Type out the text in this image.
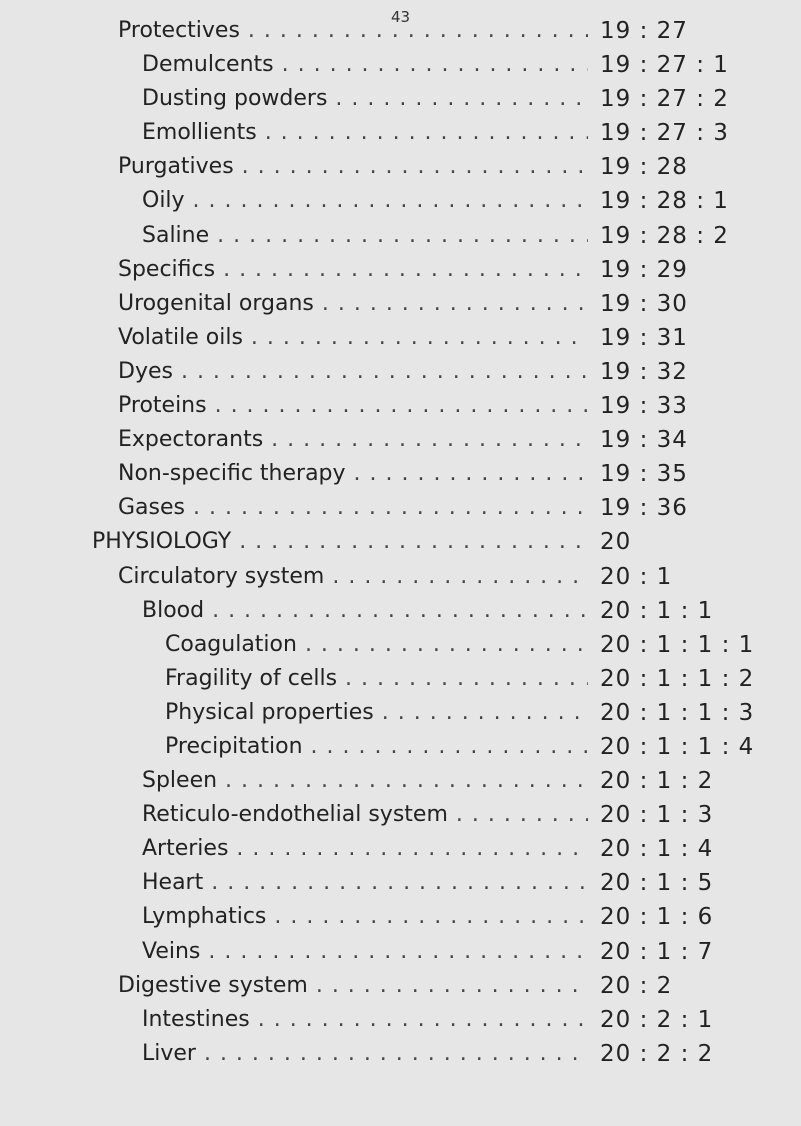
43
Protectives . . .	19 : 27
Demulcents . . .	19 : 27 : 1
Dusting powders . . .	19 : 27 : 2
Emollients . . .	19 : 27 : 3
Purgatives . . .	19 : 28
Oily . . .	19 : 28 : 1
Saline . . .	19 : 28 : 2
Specifics . . .	19 : 29
Urogenital organs . . .	19 : 30
Volatile oils . . .	19 : 31
Dyes . . .	19 : 32
Proteins . . .	19 : 33
Expectorants . . .	19 : 34
Non-specific therapy . . .	19 : 35
Gases . . .	19 : 36
PHYSIOLOGY . . .	20
Circulatory system . . .	20 : 1
Blood . . .	20 : 1 : 1
Coagulation . . .	20 : 1 : 1 : 1
Fragility of cells . . .	20 : 1 : 1 : 2
Physical properties . . .	20 : 1 : 1 : 3
Precipitation . . .	20 : 1 : 1 : 4
Spleen . . .	20 : 1 : 2
Reticulo-endothelial system . . .	20 : 1 : 3
Arteries . . .	20 : 1 : 4
Heart . . .	20 : 1 : 5
Lymphatics . . .	20 : 1 : 6
Veins . . .	20 : 1 : 7
Digestive system . . .	20 : 2
Intestines . . .	20 : 2 : 1
Liver . . .	20 : 2 : 2
